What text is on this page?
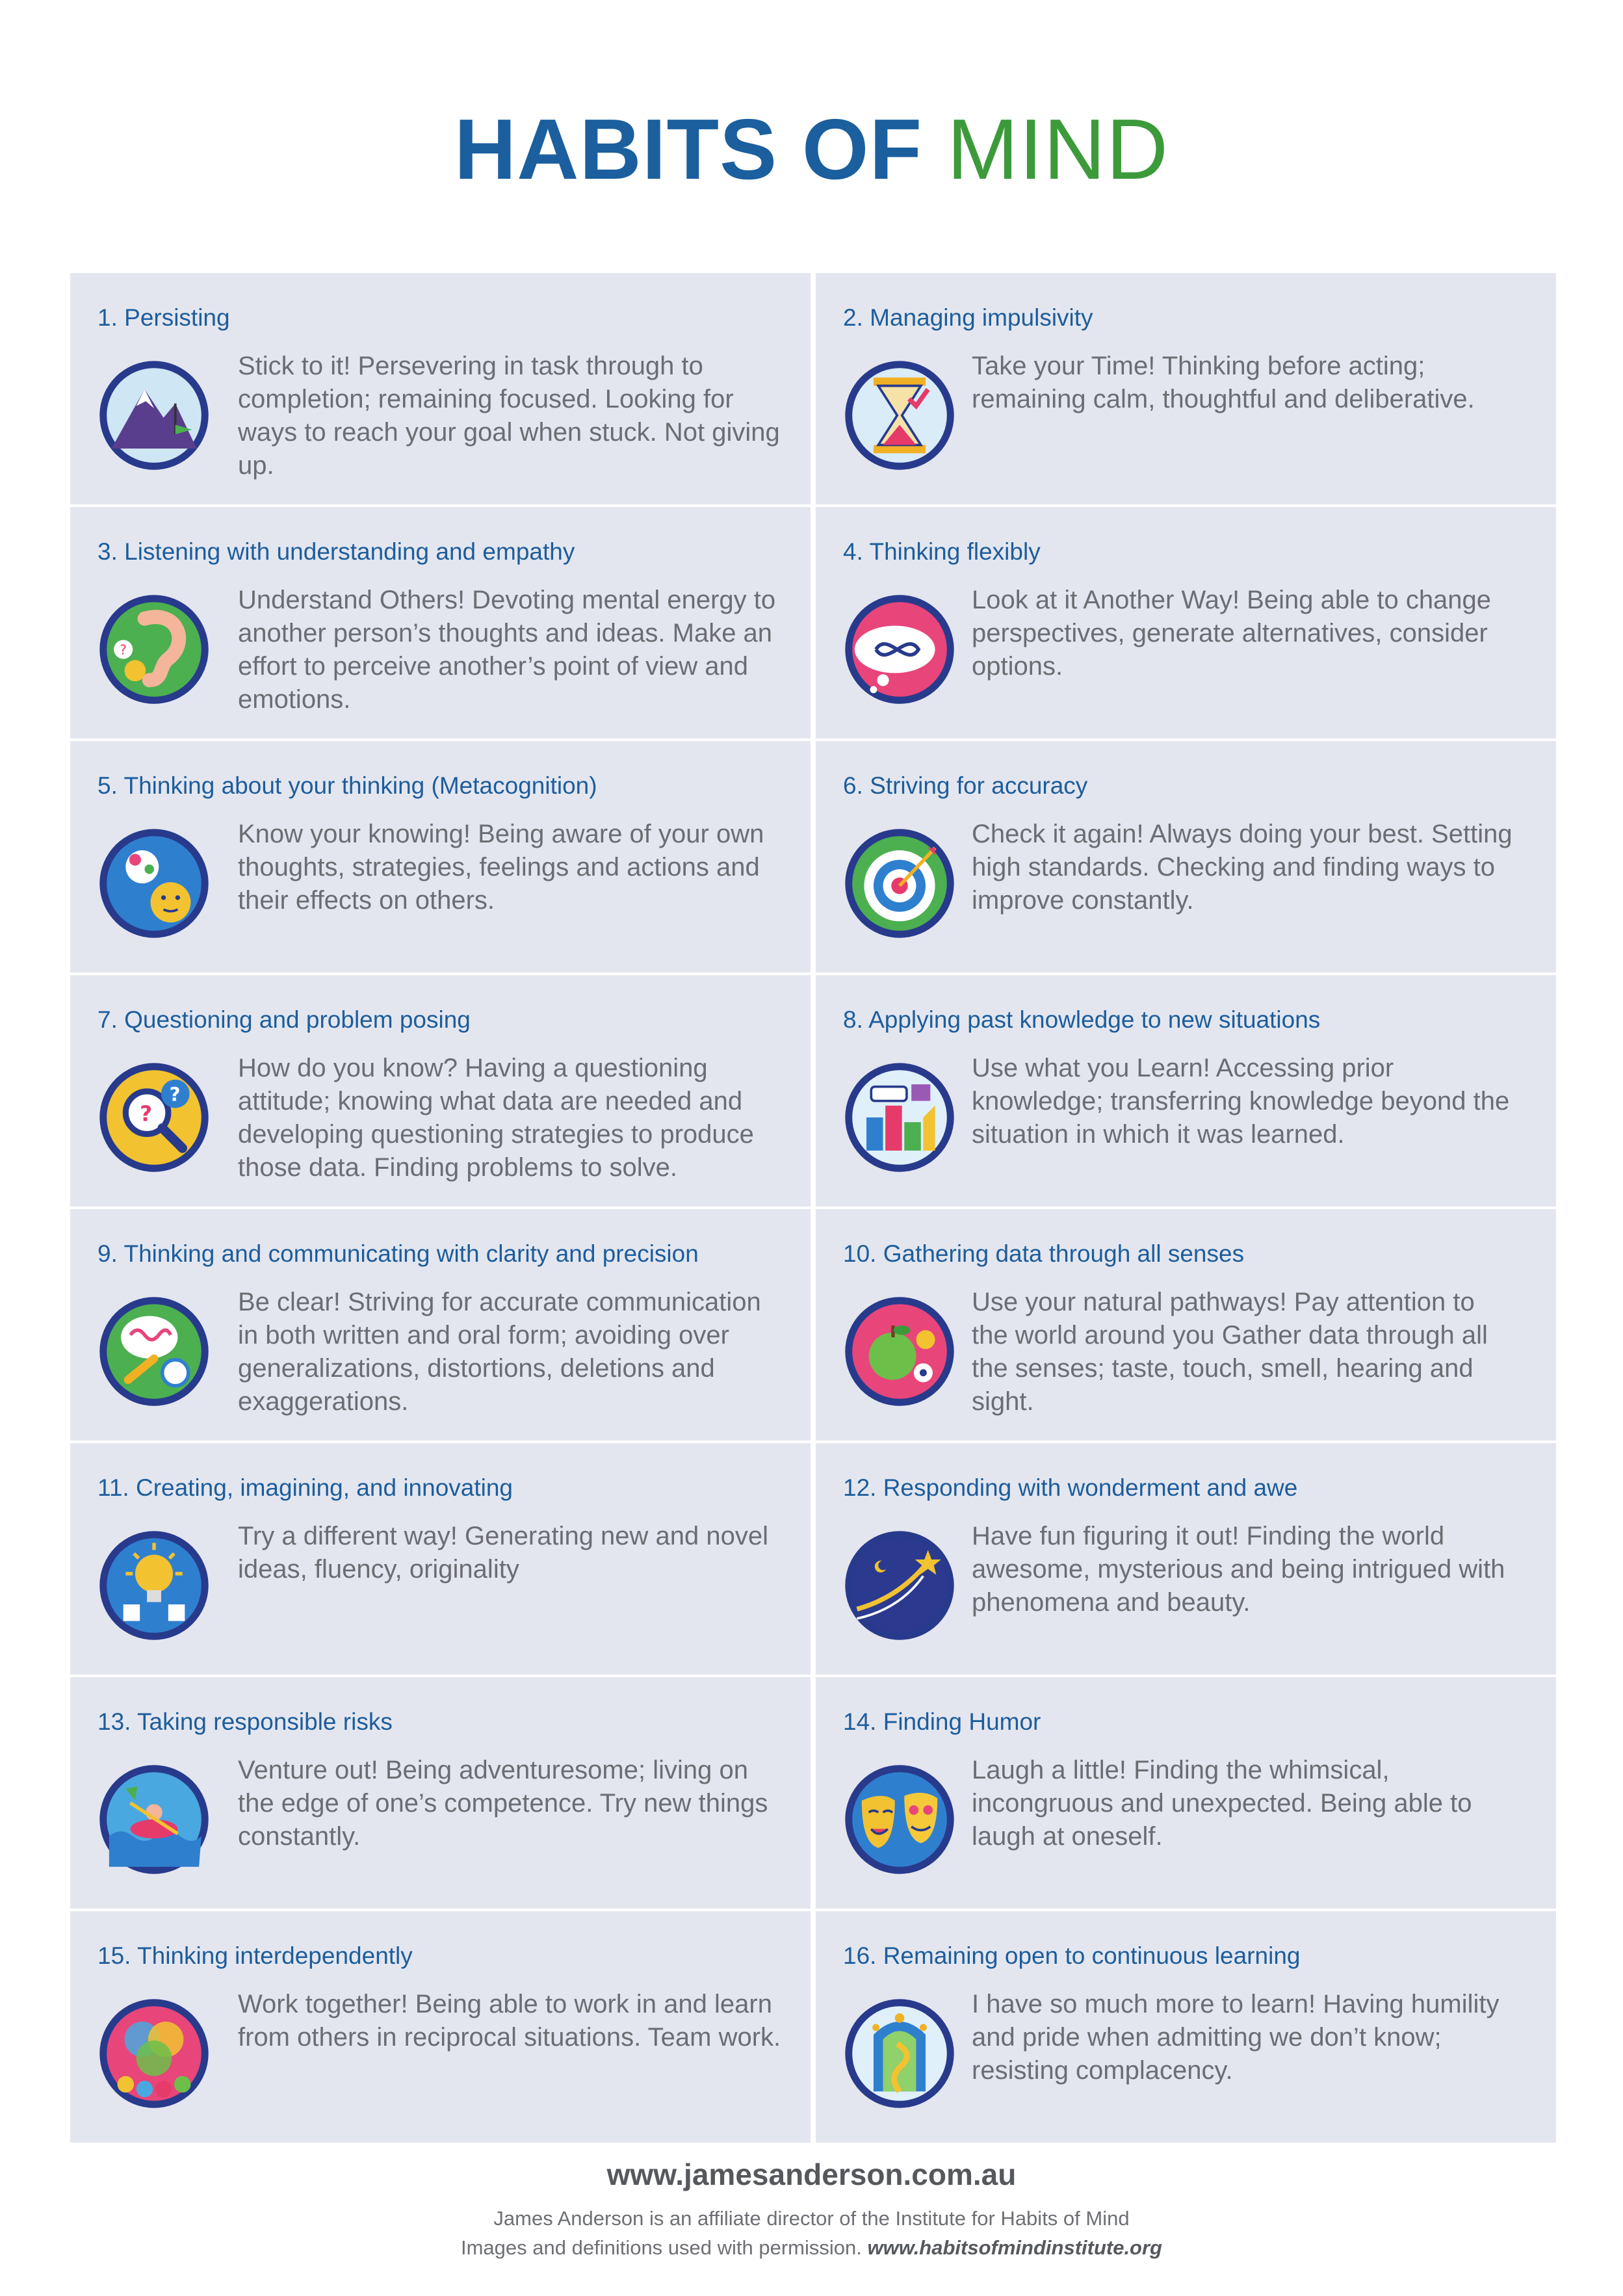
HABITS OF MIND
1. Persisting
Stick to it! Persevering in task through to completion; remaining focused. Looking for ways to reach your goal when stuck. Not giving up.
2. Managing impulsivity
Take your Time! Thinking before acting; remaining calm, thoughtful and deliberative.
3. Listening with understanding and empathy
?
Understand Others! Devoting mental energy to another person’s thoughts and ideas. Make an effort to perceive another’s point of view and emotions.
4. Thinking flexibly
Look at it Another Way! Being able to change perspectives, generate alternatives, consider options.
5. Thinking about your thinking (Metacognition)
Know your knowing! Being aware of your own thoughts, strategies, feelings and actions and their effects on others.
6. Striving for accuracy
Check it again! Always doing your best. Setting high standards. Checking and finding ways to improve constantly.
7. Questioning and problem posing
?
?
How do you know? Having a questioning attitude; knowing what data are needed and developing questioning strategies to produce those data. Finding problems to solve.
8. Applying past knowledge to new situations
Use what you Learn! Accessing prior knowledge; transferring knowledge beyond the situation in which it was learned.
9. Thinking and communicating with clarity and precision
Be clear! Striving for accurate communication in both written and oral form; avoiding over generalizations, distortions, deletions and exaggerations.
10. Gathering data through all senses
Use your natural pathways! Pay attention to the world around you Gather data through all the senses; taste, touch, smell, hearing and sight.
11. Creating, imagining, and innovating
Try a different way! Generating new and novel ideas, fluency, originality
12. Responding with wonderment and awe
Have fun figuring it out! Finding the world awesome, mysterious and being intrigued with phenomena and beauty.
13. Taking responsible risks
Venture out! Being adventuresome; living on the edge of one’s competence. Try new things constantly.
14. Finding Humor
Laugh a little! Finding the whimsical, incongruous and unexpected. Being able to laugh at oneself.
15. Thinking interdependently
Work together! Being able to work in and learn from others in reciprocal situations. Team work.
16. Remaining open to continuous learning
I have so much more to learn! Having humility and pride when admitting we don’t know; resisting complacency.
www.jamesanderson.com.au
James Anderson is an affiliate director of the Institute for Habits of Mind
Images and definitions used with permission. www.habitsofmindinstitute.org
